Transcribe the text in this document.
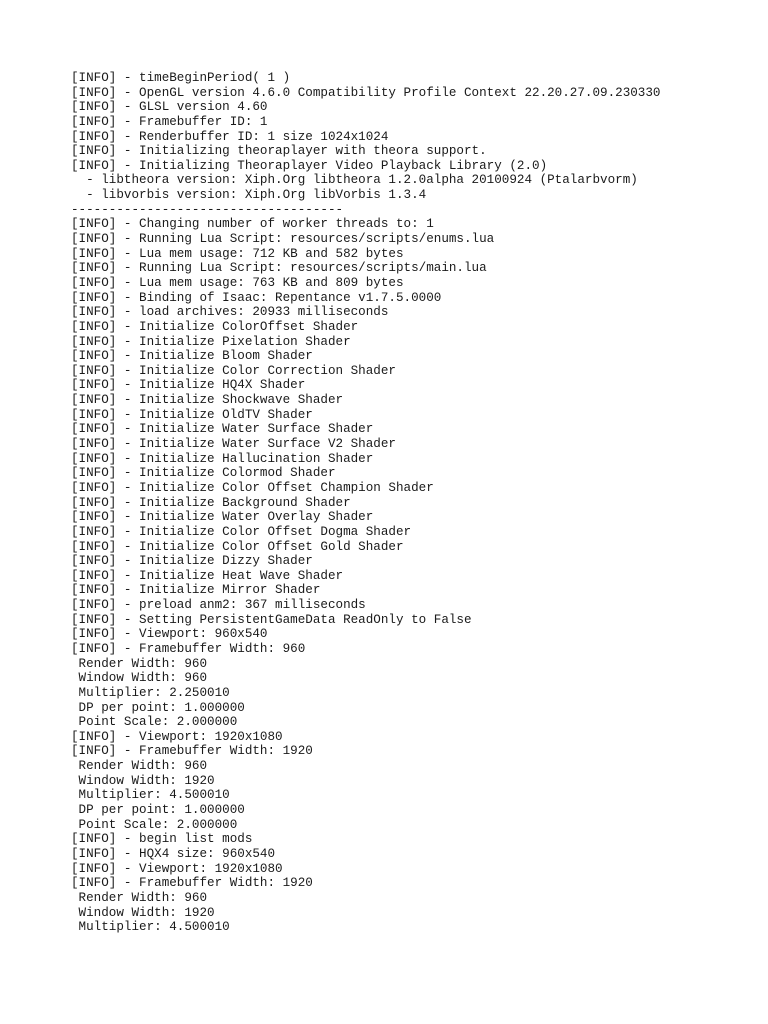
[INFO] - timeBeginPeriod( 1 )
[INFO] - OpenGL version 4.6.0 Compatibility Profile Context 22.20.27.09.230330
[INFO] - GLSL version 4.60
[INFO] - Framebuffer ID: 1
[INFO] - Renderbuffer ID: 1 size 1024x1024
[INFO] - Initializing theoraplayer with theora support.
[INFO] - Initializing Theoraplayer Video Playback Library (2.0)
- libtheora version: Xiph.Org libtheora 1.2.0alpha 20100924 (Ptalarbvorm)
- libvorbis version: Xiph.Org libVorbis 1.3.4
------------------------------------
[INFO] - Changing number of worker threads to: 1
[INFO] - Running Lua Script: resources/scripts/enums.lua
[INFO] - Lua mem usage: 712 KB and 582 bytes
[INFO] - Running Lua Script: resources/scripts/main.lua
[INFO] - Lua mem usage: 763 KB and 809 bytes
[INFO] - Binding of Isaac: Repentance v1.7.5.0000
[INFO] - load archives: 20933 milliseconds
[INFO] - Initialize ColorOffset Shader
[INFO] - Initialize Pixelation Shader
[INFO] - Initialize Bloom Shader
[INFO] - Initialize Color Correction Shader
[INFO] - Initialize HQ4X Shader
[INFO] - Initialize Shockwave Shader
[INFO] - Initialize OldTV Shader
[INFO] - Initialize Water Surface Shader
[INFO] - Initialize Water Surface V2 Shader
[INFO] - Initialize Hallucination Shader
[INFO] - Initialize Colormod Shader
[INFO] - Initialize Color Offset Champion Shader
[INFO] - Initialize Background Shader
[INFO] - Initialize Water Overlay Shader
[INFO] - Initialize Color Offset Dogma Shader
[INFO] - Initialize Color Offset Gold Shader
[INFO] - Initialize Dizzy Shader
[INFO] - Initialize Heat Wave Shader
[INFO] - Initialize Mirror Shader
[INFO] - preload anm2: 367 milliseconds
[INFO] - Setting PersistentGameData ReadOnly to False
[INFO] - Viewport: 960x540
[INFO] - Framebuffer Width: 960
Render Width: 960
Window Width: 960
Multiplier: 2.250010
DP per point: 1.000000
Point Scale: 2.000000
[INFO] - Viewport: 1920x1080
[INFO] - Framebuffer Width: 1920
Render Width: 960
Window Width: 1920
Multiplier: 4.500010
DP per point: 1.000000
Point Scale: 2.000000
[INFO] - begin list mods
[INFO] - HQX4 size: 960x540
[INFO] - Viewport: 1920x1080
[INFO] - Framebuffer Width: 1920
Render Width: 960
Window Width: 1920
Multiplier: 4.500010
